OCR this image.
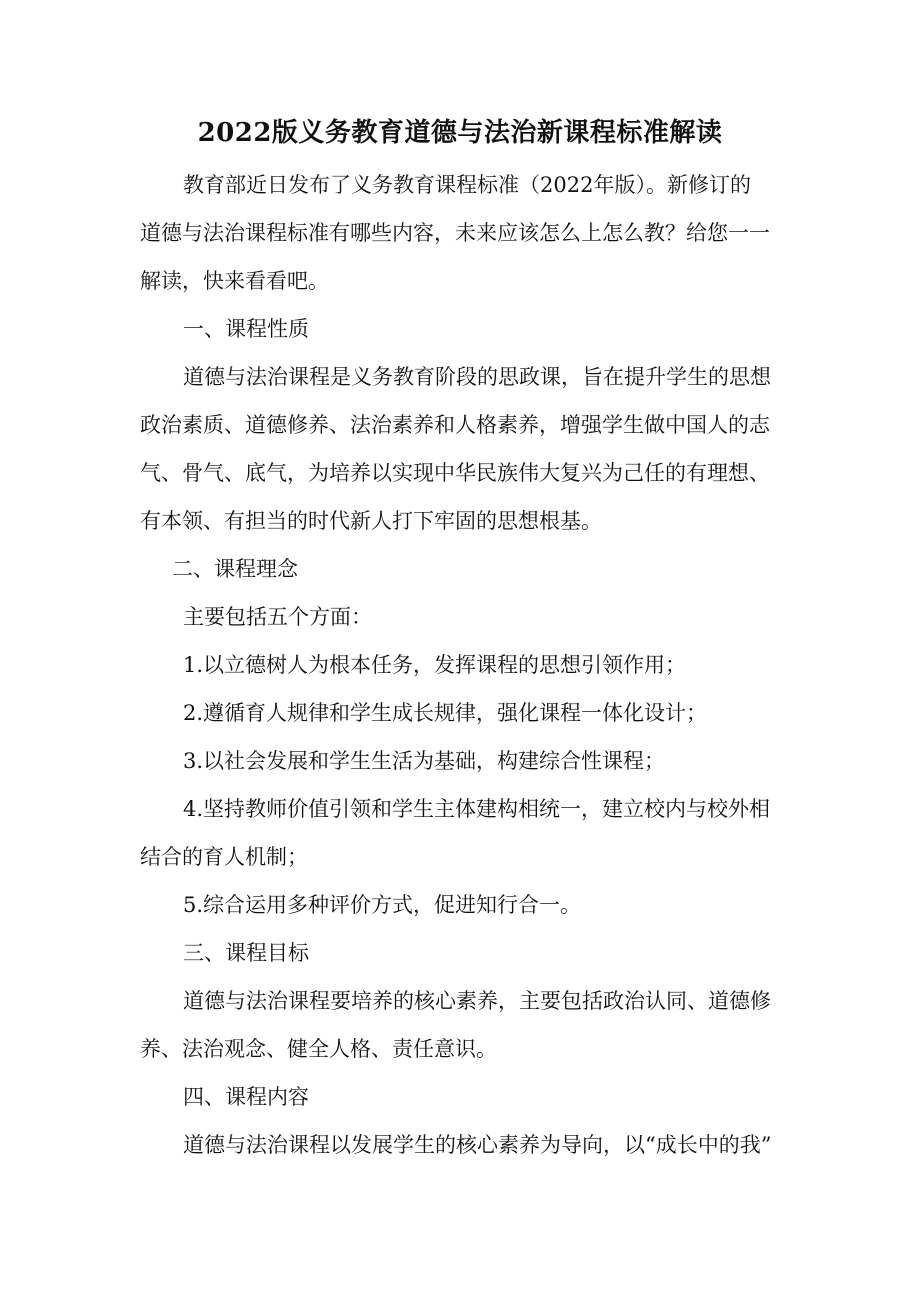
2022版义务教育道德与法治新课程标准解读
教育部近日发布了义务教育课程标准（2022年版）。新修订的
道德与法治课程标准有哪些内容，未来应该怎么上怎么教？给您一一
解读，快来看看吧。
一、课程性质
道德与法治课程是义务教育阶段的思政课，旨在提升学生的思想
政治素质、道德修养、法治素养和人格素养，增强学生做中国人的志
气、骨气、底气，为培养以实现中华民族伟大复兴为己任的有理想、
有本领、有担当的时代新人打下牢固的思想根基。
二、课程理念
主要包括五个方面：
1.以立德树人为根本任务，发挥课程的思想引领作用；
2.遵循育人规律和学生成长规律，强化课程一体化设计；
3.以社会发展和学生生活为基础，构建综合性课程；
4.坚持教师价值引领和学生主体建构相统一，建立校内与校外相
结合的育人机制；
5.综合运用多种评价方式，促进知行合一。
三、课程目标
道德与法治课程要培养的核心素养，主要包括政治认同、道德修
养、法治观念、健全人格、责任意识。
四、课程内容
道德与法治课程以发展学生的核心素养为导向，以“成长中的我”
